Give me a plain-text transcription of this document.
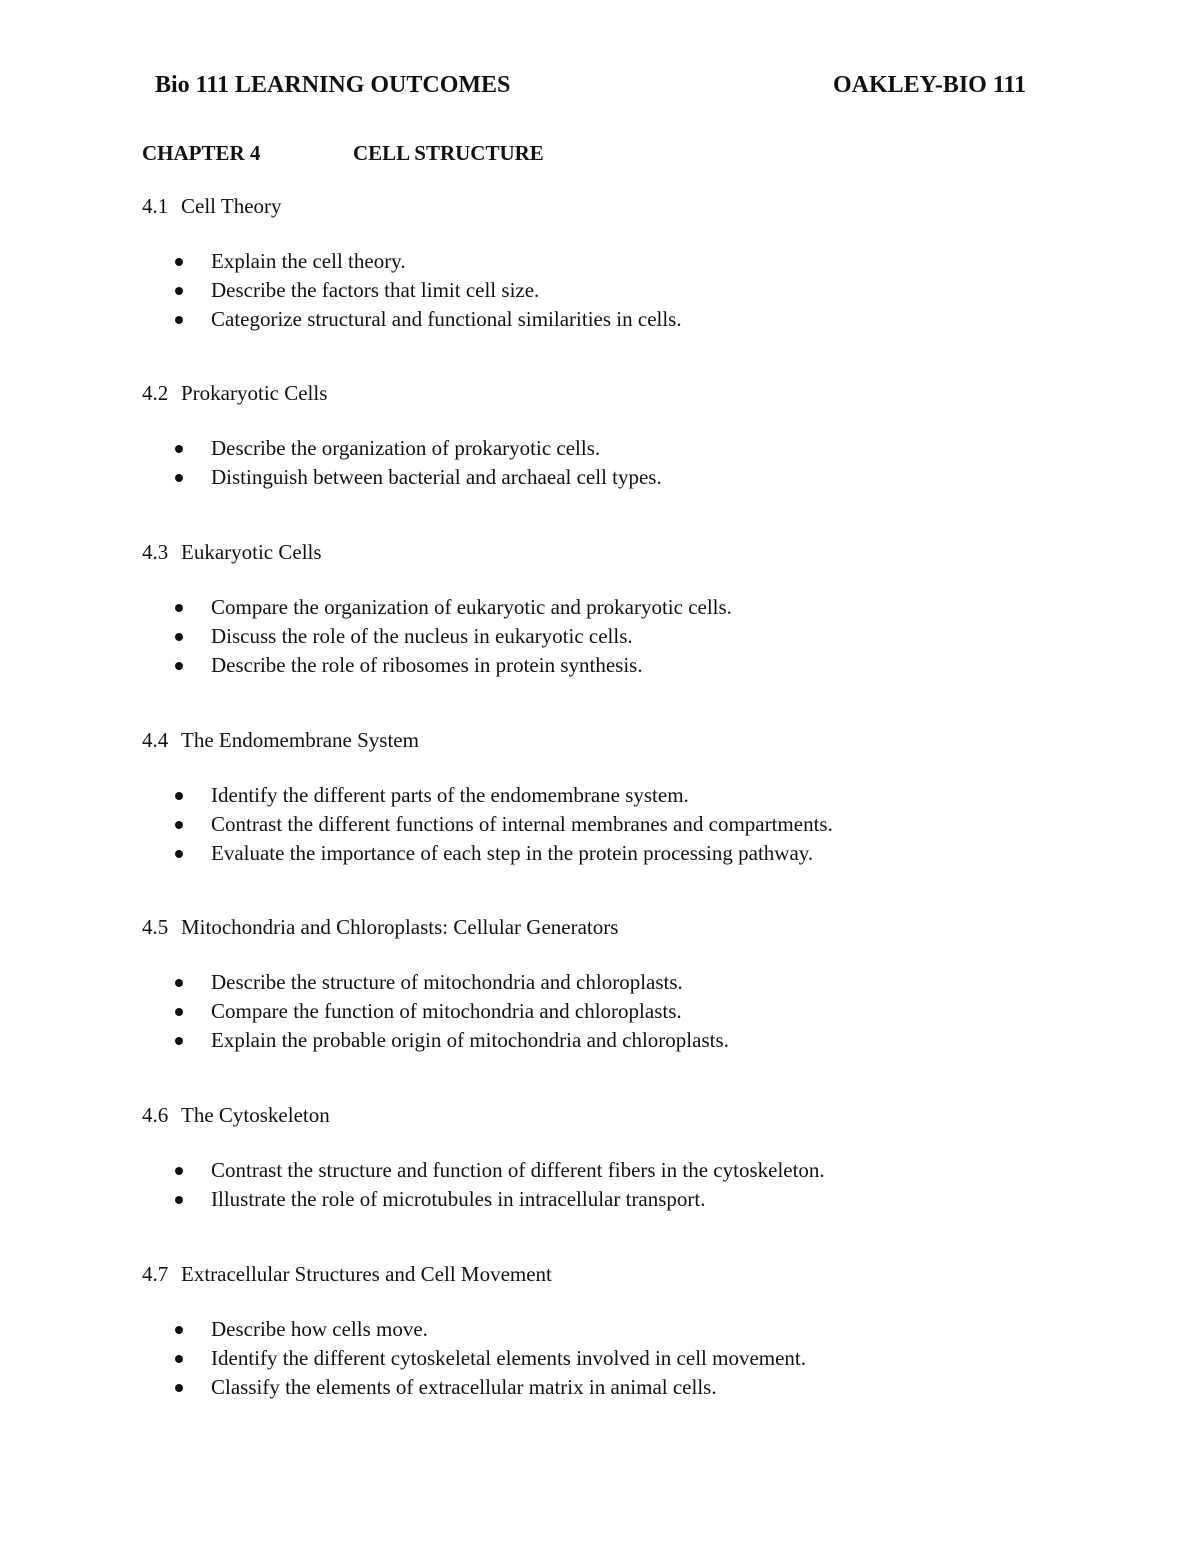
Bio 111 LEARNING OUTCOMES	OAKLEY-BIO 111
CHAPTER 4	CELL STRUCTURE
4.1 Cell Theory
Explain the cell theory.
Describe the factors that limit cell size.
Categorize structural and functional similarities in cells.
4.2 Prokaryotic Cells
Describe the organization of prokaryotic cells.
Distinguish between bacterial and archaeal cell types.
4.3 Eukaryotic Cells
Compare the organization of eukaryotic and prokaryotic cells.
Discuss the role of the nucleus in eukaryotic cells.
Describe the role of ribosomes in protein synthesis.
4.4 The Endomembrane System
Identify the different parts of the endomembrane system.
Contrast the different functions of internal membranes and compartments.
Evaluate the importance of each step in the protein processing pathway.
4.5 Mitochondria and Chloroplasts: Cellular Generators
Describe the structure of mitochondria and chloroplasts.
Compare the function of mitochondria and chloroplasts.
Explain the probable origin of mitochondria and chloroplasts.
4.6 The Cytoskeleton
Contrast the structure and function of different fibers in the cytoskeleton.
Illustrate the role of microtubules in intracellular transport.
4.7 Extracellular Structures and Cell Movement
Describe how cells move.
Identify the different cytoskeletal elements involved in cell movement.
Classify the elements of extracellular matrix in animal cells.
